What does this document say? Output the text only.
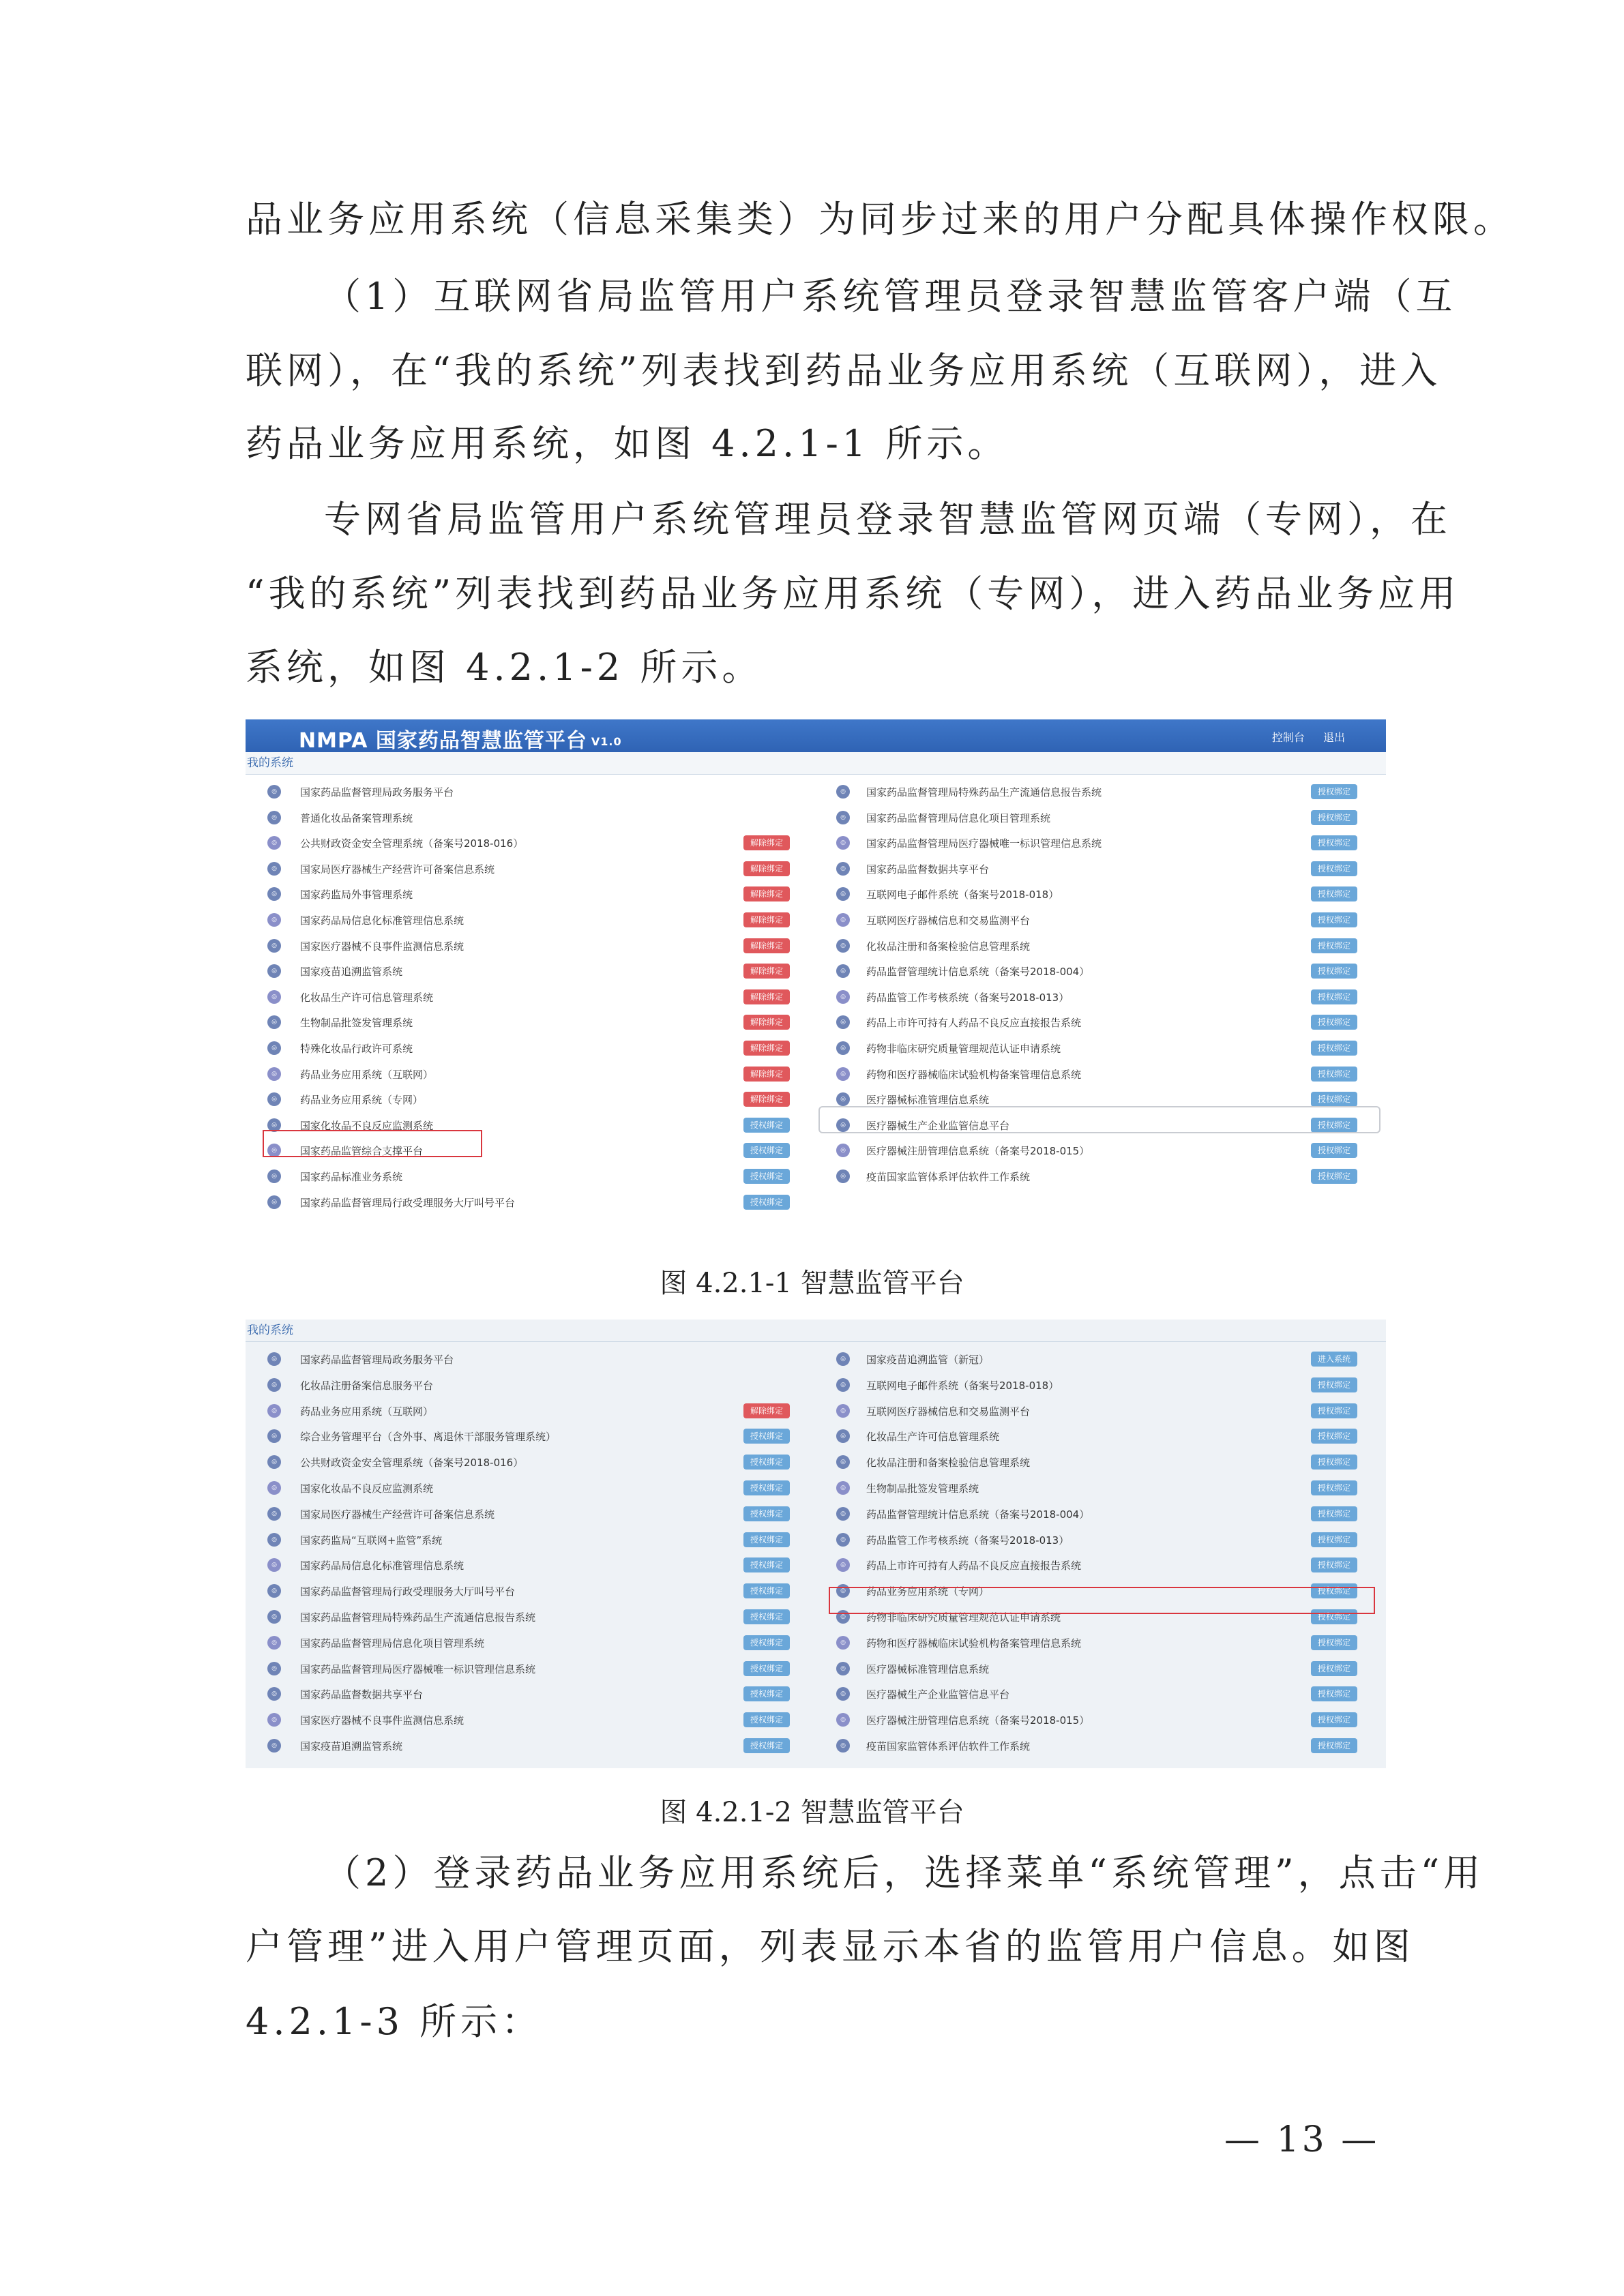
品业务应用系统（信息采集类）为同步过来的用户分配具体操作权限。

（1）互联网省局监管用户系统管理员登录智慧监管客户端（互

联网），在“我的系统”列表找到药品业务应用系统（互联网），进入

药品业务应用系统，如图 4.2.1-1 所示。

专网省局监管用户系统管理员登录智慧监管网页端（专网），在

“我的系统”列表找到药品业务应用系统（专网），进入药品业务应用

系统，如图 4.2.1-2 所示。

NMPA 国家药品智慧监管平台 V1.0	控制台 退出
我的系统
◎	国家药品监督管理局政务服务平台
◎	普通化妆品备案管理系统
◎	公共财政资金安全管理系统（备案号2018-016）	解除绑定
◎	国家局医疗器械生产经营许可备案信息系统	解除绑定
◎	国家药监局外事管理系统	解除绑定
◎	国家药品局信息化标准管理信息系统	解除绑定
◎	国家医疗器械不良事件监测信息系统	解除绑定
◎	国家疫苗追溯监管系统	解除绑定
◎	化妆品生产许可信息管理系统	解除绑定
◎	生物制品批签发管理系统	解除绑定
◎	特殊化妆品行政许可系统	解除绑定
◎	药品业务应用系统（互联网）	解除绑定
◎	药品业务应用系统（专网）	解除绑定
◎	国家化妆品不良反应监测系统	授权绑定
◎	国家药品监管综合支撑平台	授权绑定
◎	国家药品标准业务系统	授权绑定
◎	国家药品监督管理局行政受理服务大厅叫号平台	授权绑定
◎	国家药品监督管理局特殊药品生产流通信息报告系统	授权绑定
◎	国家药品监督管理局信息化项目管理系统	授权绑定
◎	国家药品监督管理局医疗器械唯一标识管理信息系统	授权绑定
◎	国家药品监督数据共享平台	授权绑定
◎	互联网电子邮件系统（备案号2018-018）	授权绑定
◎	互联网医疗器械信息和交易监测平台	授权绑定
◎	化妆品注册和备案检验信息管理系统	授权绑定
◎	药品监督管理统计信息系统（备案号2018-004）	授权绑定
◎	药品监管工作考核系统（备案号2018-013）	授权绑定
◎	药品上市许可持有人药品不良反应直接报告系统	授权绑定
◎	药物非临床研究质量管理规范认证申请系统	授权绑定
◎	药物和医疗器械临床试验机构备案管理信息系统	授权绑定
◎	医疗器械标准管理信息系统	授权绑定
◎	医疗器械生产企业监管信息平台	授权绑定
◎	医疗器械注册管理信息系统（备案号2018-015）	授权绑定
◎	疫苗国家监管体系评估软件工作系统	授权绑定
图 4.2.1-1 智慧监管平台
我的系统
◎	国家药品监督管理局政务服务平台
◎	化妆品注册备案信息服务平台
◎	药品业务应用系统（互联网）	解除绑定
◎	综合业务管理平台（含外事、离退休干部服务管理系统）	授权绑定
◎	公共财政资金安全管理系统（备案号2018-016）	授权绑定
◎	国家化妆品不良反应监测系统	授权绑定
◎	国家局医疗器械生产经营许可备案信息系统	授权绑定
◎	国家药监局“互联网+监管”系统	授权绑定
◎	国家药品局信息化标准管理信息系统	授权绑定
◎	国家药品监督管理局行政受理服务大厅叫号平台	授权绑定
◎	国家药品监督管理局特殊药品生产流通信息报告系统	授权绑定
◎	国家药品监督管理局信息化项目管理系统	授权绑定
◎	国家药品监督管理局医疗器械唯一标识管理信息系统	授权绑定
◎	国家药品监督数据共享平台	授权绑定
◎	国家医疗器械不良事件监测信息系统	授权绑定
◎	国家疫苗追溯监管系统	授权绑定
◎	国家疫苗追溯监管（新冠）	进入系统
◎	互联网电子邮件系统（备案号2018-018）	授权绑定
◎	互联网医疗器械信息和交易监测平台	授权绑定
◎	化妆品生产许可信息管理系统	授权绑定
◎	化妆品注册和备案检验信息管理系统	授权绑定
◎	生物制品批签发管理系统	授权绑定
◎	药品监督管理统计信息系统（备案号2018-004）	授权绑定
◎	药品监管工作考核系统（备案号2018-013）	授权绑定
◎	药品上市许可持有人药品不良反应直接报告系统	授权绑定
◎	药品业务应用系统（专网）	授权绑定
◎	药物非临床研究质量管理规范认证申请系统	授权绑定
◎	药物和医疗器械临床试验机构备案管理信息系统	授权绑定
◎	医疗器械标准管理信息系统	授权绑定
◎	医疗器械生产企业监管信息平台	授权绑定
◎	医疗器械注册管理信息系统（备案号2018-015）	授权绑定
◎	疫苗国家监管体系评估软件工作系统	授权绑定
图 4.2.1-2 智慧监管平台

（2）登录药品业务应用系统后，选择菜单“系统管理”，点击“用

户管理”进入用户管理页面，列表显示本省的监管用户信息。如图

4.2.1-3 所示：

— 13 —
